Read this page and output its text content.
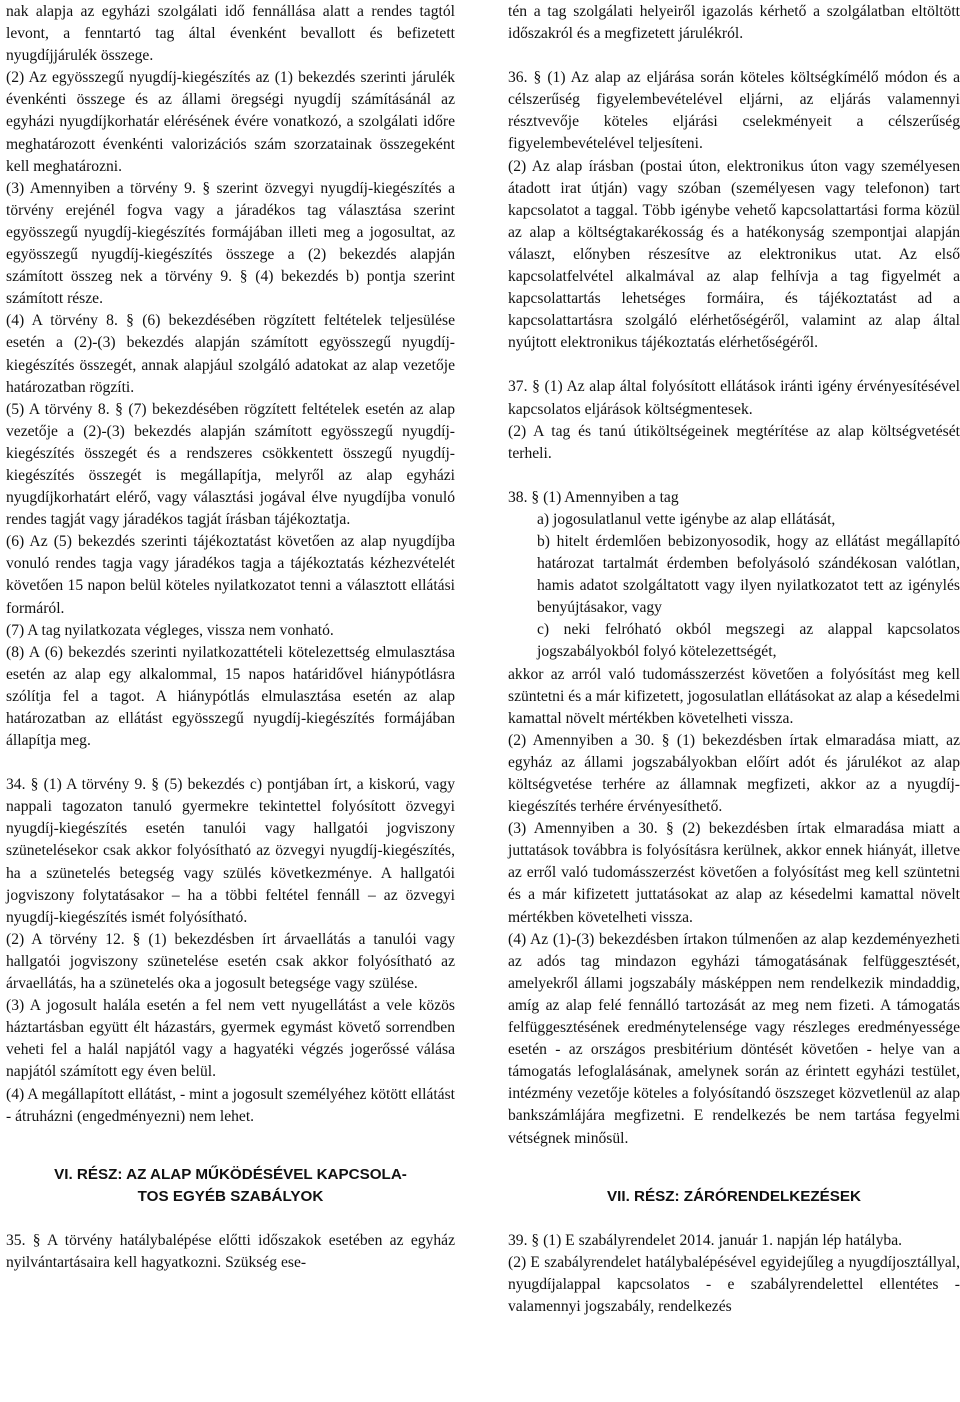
nak alapja az egyházi szolgálati idő fennállása alatt a rendes tagtól levont, a fenntartó tag által évenként bevallott és befizetett nyugdíjjárulék összege.

(2) Az egyösszegű nyugdíj-kiegészítés az (1) bekezdés szerinti járulék évenkénti összege és az állami öregségi nyugdíj számításánál az egyházi nyugdíjkorhatár elérésének évére vonatkozó, a szolgálati időre meghatározott évenkénti valorizációs szám szorzatainak összegeként kell meghatározni.

(3) Amennyiben a törvény 9. § szerint özvegyi nyugdíj-kiegészítés a törvény erejénél fogva vagy a járadékos tag választása szerint egyösszegű nyugdíj-kiegészítés formájában illeti meg a jogosultat, az egyösszegű nyugdíj-kiegészítés összege a (2) bekezdés alapján számított összeg nek a törvény 9. § (4) bekezdés b) pontja szerint számított része.

(4) A törvény 8. § (6) bekezdésében rögzített feltételek teljesülése esetén a (2)-(3) bekezdés alapján számított egyösszegű nyugdíj-kiegészítés összegét, annak alapjául szolgáló adatokat az alap vezetője határozatban rögzíti.

(5) A törvény 8. § (7) bekezdésében rögzített feltételek esetén az alap vezetője a (2)-(3) bekezdés alapján számított egyösszegű nyugdíj-kiegészítés összegét és a rendszeres csökkentett összegű nyugdíj-kiegészítés összegét is megállapítja, melyről az alap egyházi nyugdíjkorhatárt elérő, vagy választási jogával élve nyugdíjba vonuló rendes tagját vagy járadékos tagját írásban tájékoztatja.

(6) Az (5) bekezdés szerinti tájékoztatást követően az alap nyugdíjba vonuló rendes tagja vagy járadékos tagja a tájékoztatás kézhezvételét követően 15 napon belül köteles nyilatkozatot tenni a választott ellátási formáról.

(7) A tag nyilatkozata végleges, vissza nem vonható.

(8) A (6) bekezdés szerinti nyilatkozattételi kötelezettség elmulasztása esetén az alap egy alkalommal, 15 napos határidővel hiánypótlásra szólítja fel a tagot. A hiánypótlás elmulasztása esetén az alap határozatban az ellátást egyösszegű nyugdíj-kiegészítés formájában állapítja meg.

34. § (1) A törvény 9. § (5) bekezdés c) pontjában írt, a kiskorú, vagy nappali tagozaton tanuló gyermekre tekintettel folyósított özvegyi nyugdíj-kiegészítés esetén tanulói vagy hallgatói jogviszony szünetelésekor csak akkor folyósítható az özvegyi nyugdíj-kiegészítés, ha a szünetelés betegség vagy szülés következménye. A hallgatói jogviszony folytatásakor – ha a többi feltétel fennáll – az özvegyi nyugdíj-kiegészítés ismét folyósítható.

(2) A törvény 12. § (1) bekezdésben írt árvaellátás a tanulói vagy hallgatói jogviszony szünetelése esetén csak akkor folyósítható az árvaellátás, ha a szünetelés oka a jogosult betegsége vagy szülése.

(3) A jogosult halála esetén a fel nem vett nyugellátást a vele közös háztartásban együtt élt házastárs, gyermek egymást követő sorrendben veheti fel a halál napjától vagy a hagyatéki végzés jogerőssé válása napjától számított egy éven belül.

(4) A megállapított ellátást, - mint a jogosult személyéhez kötött ellátást - átruházni (engedményezni) nem lehet.

VI. RÉSZ: AZ ALAP MŰKÖDÉSÉVEL KAPCSOLA-

TOS EGYÉB SZABÁLYOK

35. § A törvény hatálybalépése előtti időszakok esetében az egyház nyilvántartásaira kell hagyatkozni. Szükség ese-

tén a tag szolgálati helyeiről igazolás kérhető a szolgálatban eltöltött időszakról és a megfizetett járulékról.

36. § (1) Az alap az eljárása során köteles költségkímélő módon és a célszerűség figyelembevételével eljárni, az eljárás valamennyi résztvevője köteles eljárási cselekményeit a célszerűség figyelembevételével teljesíteni.

(2) Az alap írásban (postai úton, elektronikus úton vagy személyesen átadott irat útján) vagy szóban (személyesen vagy telefonon) tart kapcsolatot a taggal. Több igénybe vehető kapcsolattartási forma közül az alap a költségtakarékosság és a hatékonyság szempontjai alapján választ, előnyben részesítve az elektronikus utat. Az első kapcsolatfelvétel alkalmával az alap felhívja a tag figyelmét a kapcsolattartás lehetséges formáira, és tájékoztatást ad a kapcsolattartásra szolgáló elérhetőségéről, valamint az alap által nyújtott elektronikus tájékoztatás elérhetőségéről.

37. § (1) Az alap által folyósított ellátások iránti igény érvényesítésével kapcsolatos eljárások költségmentesek.

(2) A tag és tanú útiköltségeinek megtérítése az alap költségvetését terheli.

38. § (1) Amennyiben a tag

a) jogosulatlanul vette igénybe az alap ellátását,

b) hitelt érdemlően bebizonyosodik, hogy az ellátást megállapító határozat tartalmát érdemben befolyásoló szándékosan valótlan, hamis adatot szolgáltatott vagy ilyen nyilatkozatot tett az igénylés benyújtásakor, vagy

c) neki felróható okból megszegi az alappal kapcsolatos jogszabályokból folyó kötelezettségét,

akkor az arról való tudomásszerzést követően a folyósítást meg kell szüntetni és a már kifizetett, jogosulatlan ellátásokat az alap a késedelmi kamattal növelt mértékben követelheti vissza.

(2) Amennyiben a 30. § (1) bekezdésben írtak elmaradása miatt, az egyház az állami jogszabályokban előírt adót és járulékot az alap költségvetése terhére az államnak megfizeti, akkor az a nyugdíj-kiegészítés terhére érvényesíthető.

(3) Amennyiben a 30. § (2) bekezdésben írtak elmaradása miatt a juttatások továbbra is folyósításra kerülnek, akkor ennek hiányát, illetve az erről való tudomásszerzést követően a folyósítást meg kell szüntetni és a már kifizetett juttatásokat az alap az késedelmi kamattal növelt mértékben követelheti vissza.

(4) Az (1)-(3) bekezdésben írtakon túlmenően az alap kezdeményezheti az adós tag mindazon egyházi támogatásának felfüggesztését, amelyekről állami jogszabály másképpen nem rendelkezik mindaddig, amíg az alap felé fennálló tartozását az meg nem fizeti. A támogatás felfüggesztésének eredménytelensége vagy részleges eredményessége esetén - az országos presbitérium döntését követően - helye van a támogatás lefoglalásának, amelynek során az érintett egyházi testület, intézmény vezetője köteles a folyósítandó öszszeget közvetlenül az alap bankszámlájára megfizetni. E rendelkezés be nem tartása fegyelmi vétségnek minősül.

VII. RÉSZ: ZÁRÓRENDELKEZÉSEK

39. § (1) E szabályrendelet 2014. január 1. napján lép hatályba.

(2) E szabályrendelet hatálybalépésével egyidejűleg a nyugdíjosztállyal, nyugdíjalappal kapcsolatos - e szabályrendelettel ellentétes - valamennyi jogszabály, rendelkezés
